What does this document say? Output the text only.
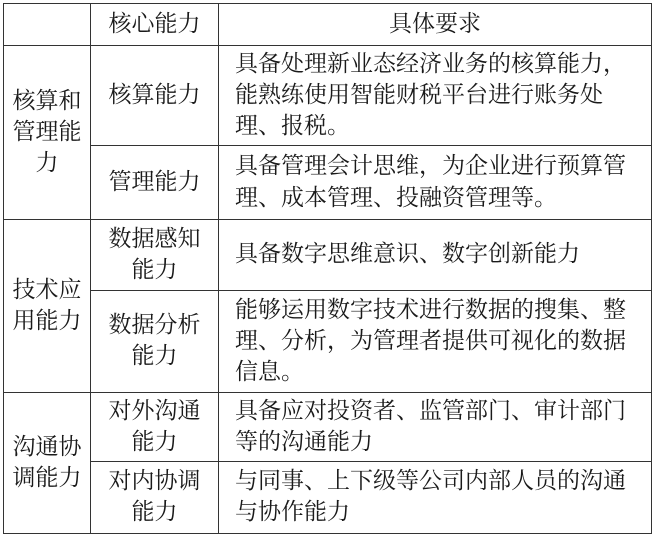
	核心能力	具体要求
核算和管理能力	核算能力	具备处理新业态经济业务的核算能力，能熟练使用智能财税平台进行账务处理、报税。
	管理能力	具备管理会计思维，为企业进行预算管理、成本管理、投融资管理等。
技术应用能力	数据感知能力	具备数字思维意识、数字创新能力
	数据分析能力	能够运用数字技术进行数据的搜集、整理、分析，为管理者提供可视化的数据信息。
沟通协调能力	对外沟通能力	具备应对投资者、监管部门、审计部门等的沟通能力
	对内协调能力	与同事、上下级等公司内部人员的沟通与协作能力
